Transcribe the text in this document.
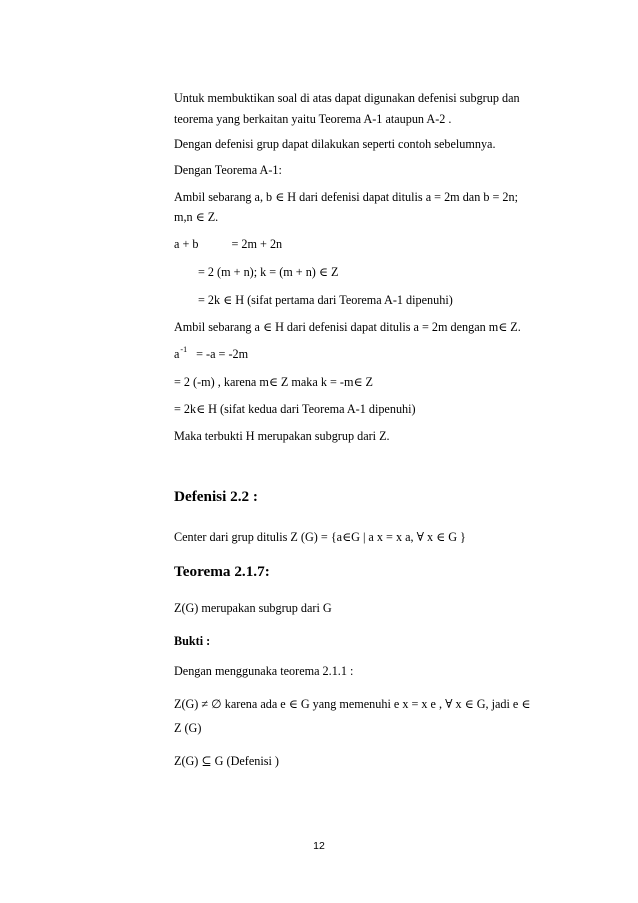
Untuk membuktikan soal di atas dapat digunakan defenisi subgrup dan
teorema yang berkaitan yaitu Teorema A-1 ataupun A-2 .
Dengan defenisi grup dapat dilakukan seperti contoh sebelumnya.
Dengan Teorema A-1:
Ambil sebarang a, b ∈ H dari defenisi dapat ditulis a = 2m dan b = 2n;
m,n ∈ Z.
a + b	= 2m + 2n
= 2 (m + n); k = (m + n) ∈ Z
= 2k ∈ H (sifat pertama dari Teorema A-1 dipenuhi)
Ambil sebarang a ∈ H dari defenisi dapat ditulis a = 2m dengan m∈ Z.
$a^{-1} = -a = -2m$
= 2 (-m) , karena m∈ Z maka k = -m∈ Z
= 2k∈ H (sifat kedua dari Teorema A-1 dipenuhi)
Maka terbukti H merupakan subgrup dari Z.
Defenisi 2.2 :
Center dari grup ditulis Z (G) = {a∈G | a x = x a, ∀ x ∈ G }
Teorema 2.1.7:
Z(G) merupakan subgrup dari G
Bukti :
Dengan menggunaka teorema 2.1.1 :
Z(G) ≠ ∅ karena ada e ∈ G yang memenuhi e x = x e , ∀ x ∈ G, jadi e ∈
Z (G)
Z(G) ⊆ G (Defenisi )
12
